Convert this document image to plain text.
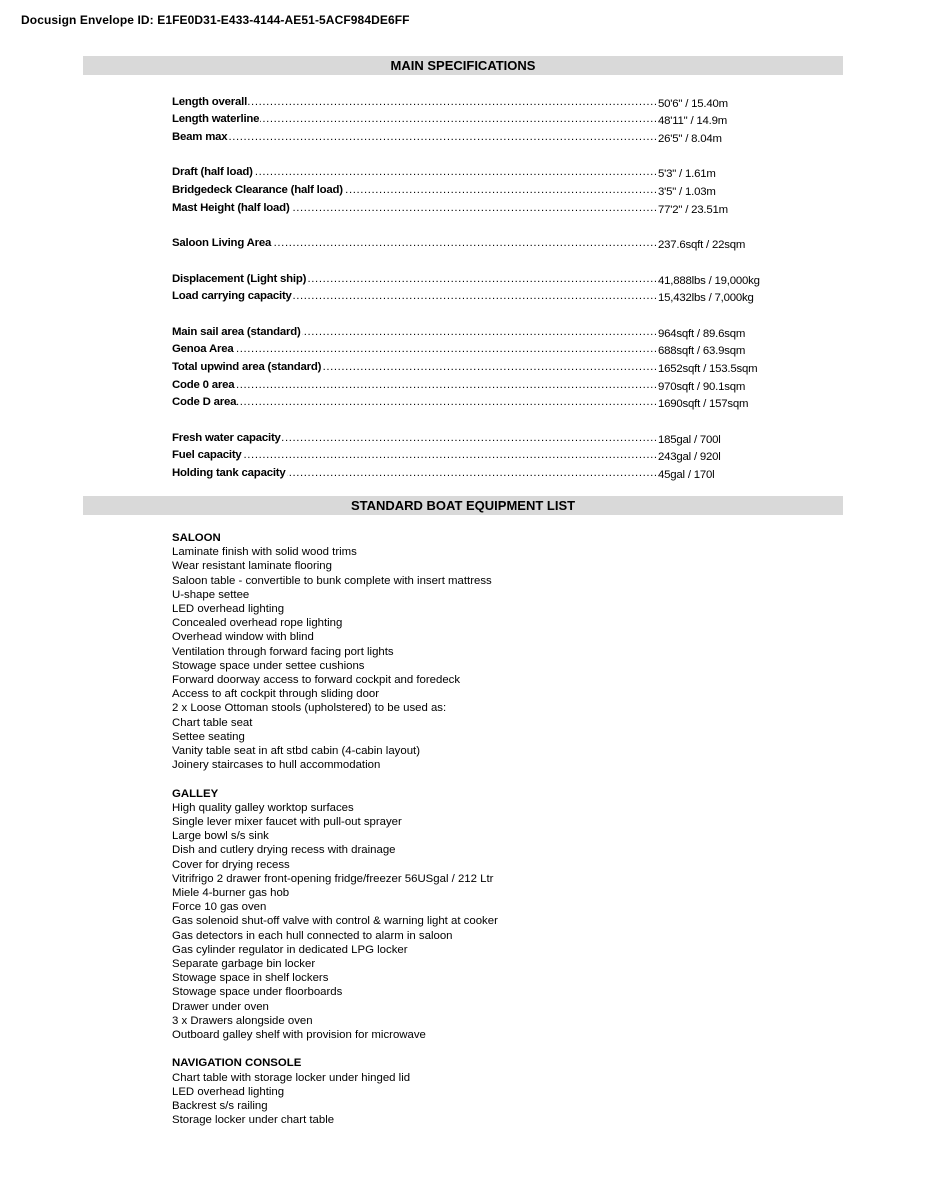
Docusign Envelope ID: E1FE0D31-E433-4144-AE51-5ACF984DE6FF
MAIN SPECIFICATIONS
Length overall .....	50'6" / 15.40m
Length waterline .....	48'11" / 14.9m
Beam max .....	26'5" / 8.04m
Draft (half load) .....	5'3" / 1.61m
Bridgedeck Clearance (half load) .....	3'5" / 1.03m
Mast Height (half load) .....	77'2" / 23.51m
Saloon Living Area .....	237.6sqft / 22sqm
Displacement (Light ship) .....	41,888lbs / 19,000kg
Load carrying capacity .....	15,432lbs / 7,000kg
Main sail area (standard) .....	964sqft / 89.6sqm
Genoa Area .....	688sqft / 63.9sqm
Total upwind area (standard) .....	1652sqft / 153.5sqm
Code 0 area .....	970sqft / 90.1sqm
Code D area .....	1690sqft / 157sqm
Fresh water capacity .....	185gal / 700l
Fuel capacity .....	243gal / 920l
Holding tank capacity .....	45gal / 170l
STANDARD BOAT EQUIPMENT LIST
SALOON
Laminate finish with solid wood trims
Wear resistant laminate flooring
Saloon table - convertible to bunk complete with insert mattress
U-shape settee
LED overhead lighting
Concealed overhead rope lighting
Overhead window with blind
Ventilation through forward facing port lights
Stowage space under settee cushions
Forward doorway access to forward cockpit and foredeck
Access to aft cockpit through sliding door
2 x Loose Ottoman stools (upholstered) to be used as:
Chart table seat
Settee seating
Vanity table seat in aft stbd cabin (4-cabin layout)
Joinery staircases to hull accommodation
GALLEY
High quality galley worktop surfaces
Single lever mixer faucet with pull-out sprayer
Large bowl s/s sink
Dish and cutlery drying recess with drainage
Cover for drying recess
Vitrifrigo 2 drawer front-opening fridge/freezer 56USgal / 212 Ltr
Miele 4-burner gas hob
Force 10 gas oven
Gas solenoid shut-off valve with control & warning light at cooker
Gas detectors in each hull connected to alarm in saloon
Gas cylinder regulator in dedicated LPG locker
Separate garbage bin locker
Stowage space in shelf lockers
Stowage space under floorboards
Drawer under oven
3 x Drawers alongside oven
Outboard galley shelf with provision for microwave
NAVIGATION CONSOLE
Chart table with storage locker under hinged lid
LED overhead lighting
Backrest s/s railing
Storage locker under chart table
